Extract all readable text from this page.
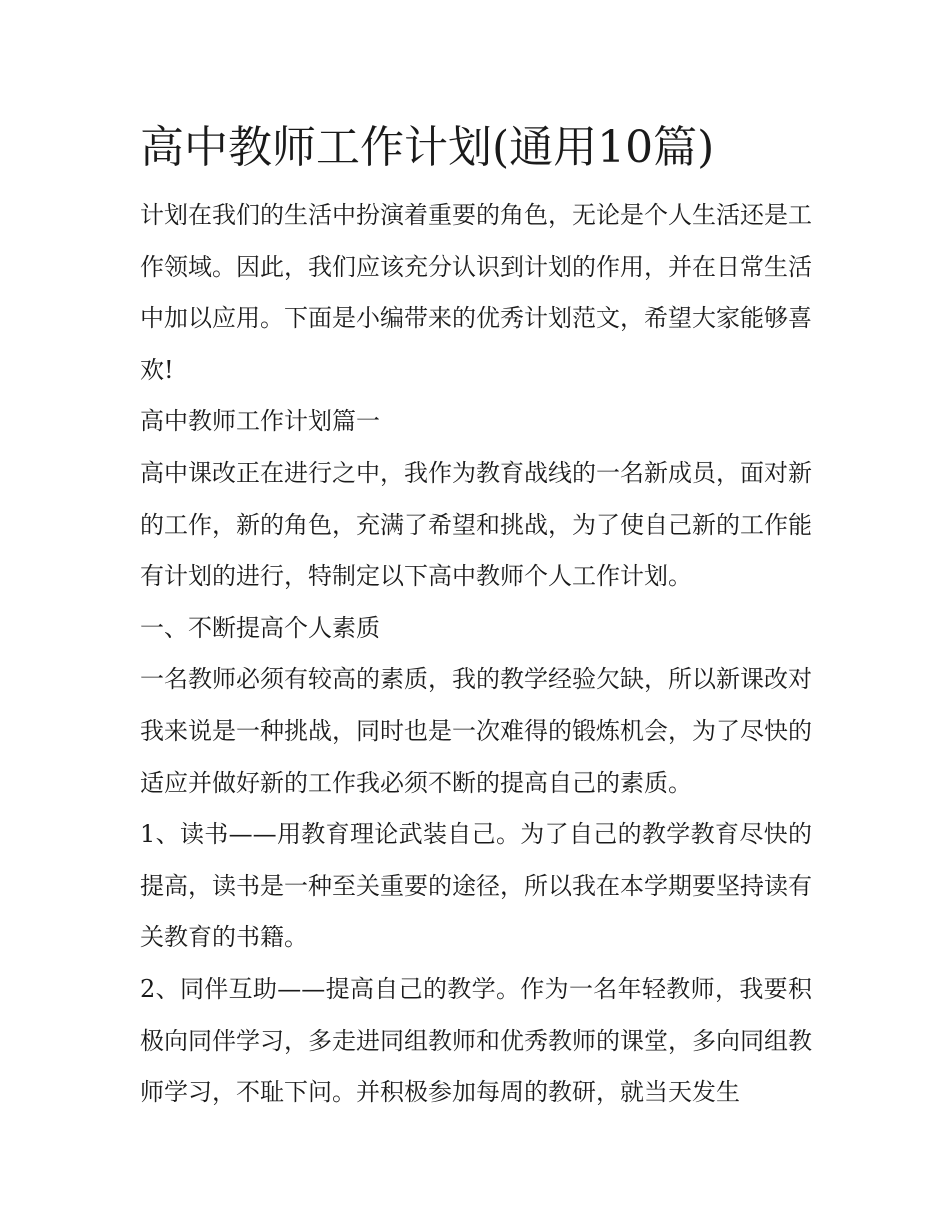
高中教师工作计划(通用10篇)

计划在我们的生活中扮演着重要的角色，无论是个人生活还是工作领域。因此，我们应该充分认识到计划的作用，并在日常生活中加以应用。下面是小编带来的优秀计划范文，希望大家能够喜欢!

高中教师工作计划篇一

高中课改正在进行之中，我作为教育战线的一名新成员，面对新的工作，新的角色，充满了希望和挑战，为了使自己新的工作能有计划的进行，特制定以下高中教师个人工作计划。

一、不断提高个人素质

一名教师必须有较高的素质，我的教学经验欠缺，所以新课改对我来说是一种挑战，同时也是一次难得的锻炼机会，为了尽快的适应并做好新的工作我必须不断的提高自己的素质。

1、读书——用教育理论武装自己。为了自己的教学教育尽快的提高，读书是一种至关重要的途径，所以我在本学期要坚持读有关教育的书籍。

2、同伴互助——提高自己的教学。作为一名年轻教师，我要积极向同伴学习，多走进同组教师和优秀教师的课堂，多向同组教师学习，不耻下问。并积极参加每周的教研，就当天发生
